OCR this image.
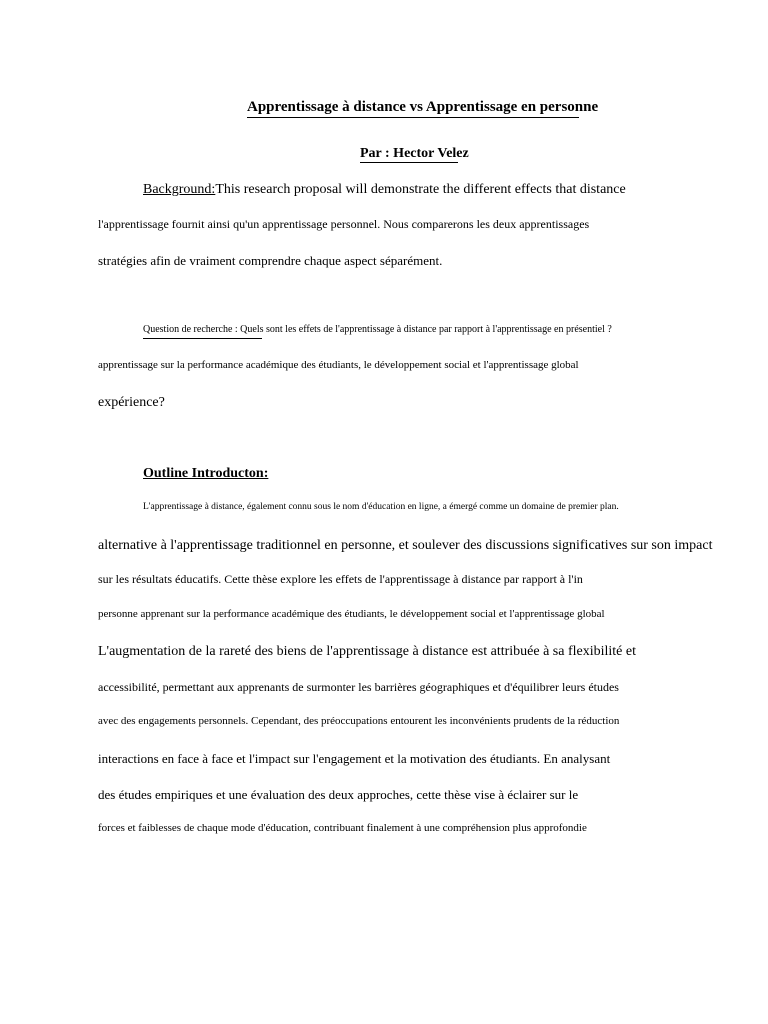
Apprentissage à distance vs Apprentissage en personne
Par : Hector Velez
Background:This research proposal will demonstrate the different effects that distance
l'apprentissage fournit ainsi qu'un apprentissage personnel. Nous comparerons les deux apprentissages
stratégies afin de vraiment comprendre chaque aspect séparément.
Question de recherche : Quels sont les effets de l'apprentissage à distance par rapport à l'apprentissage en présentiel ?
apprentissage sur la performance académique des étudiants, le développement social et l'apprentissage global
expérience?
Outline Introducton:
L'apprentissage à distance, également connu sous le nom d'éducation en ligne, a émergé comme un domaine de premier plan.
alternative à l'apprentissage traditionnel en personne, et soulever des discussions significatives sur son impact
sur les résultats éducatifs. Cette thèse explore les effets de l'apprentissage à distance par rapport à l'in
personne apprenant sur la performance académique des étudiants, le développement social et l'apprentissage global
L'augmentation de la rareté des biens de l'apprentissage à distance est attribuée à sa flexibilité et
accessibilité, permettant aux apprenants de surmonter les barrières géographiques et d'équilibrer leurs études
avec des engagements personnels. Cependant, des préoccupations entourent les inconvénients prudents de la réduction
interactions en face à face et l'impact sur l'engagement et la motivation des étudiants. En analysant
des études empiriques et une évaluation des deux approches, cette thèse vise à éclairer sur le
forces et faiblesses de chaque mode d'éducation, contribuant finalement à une compréhension plus approfondie
